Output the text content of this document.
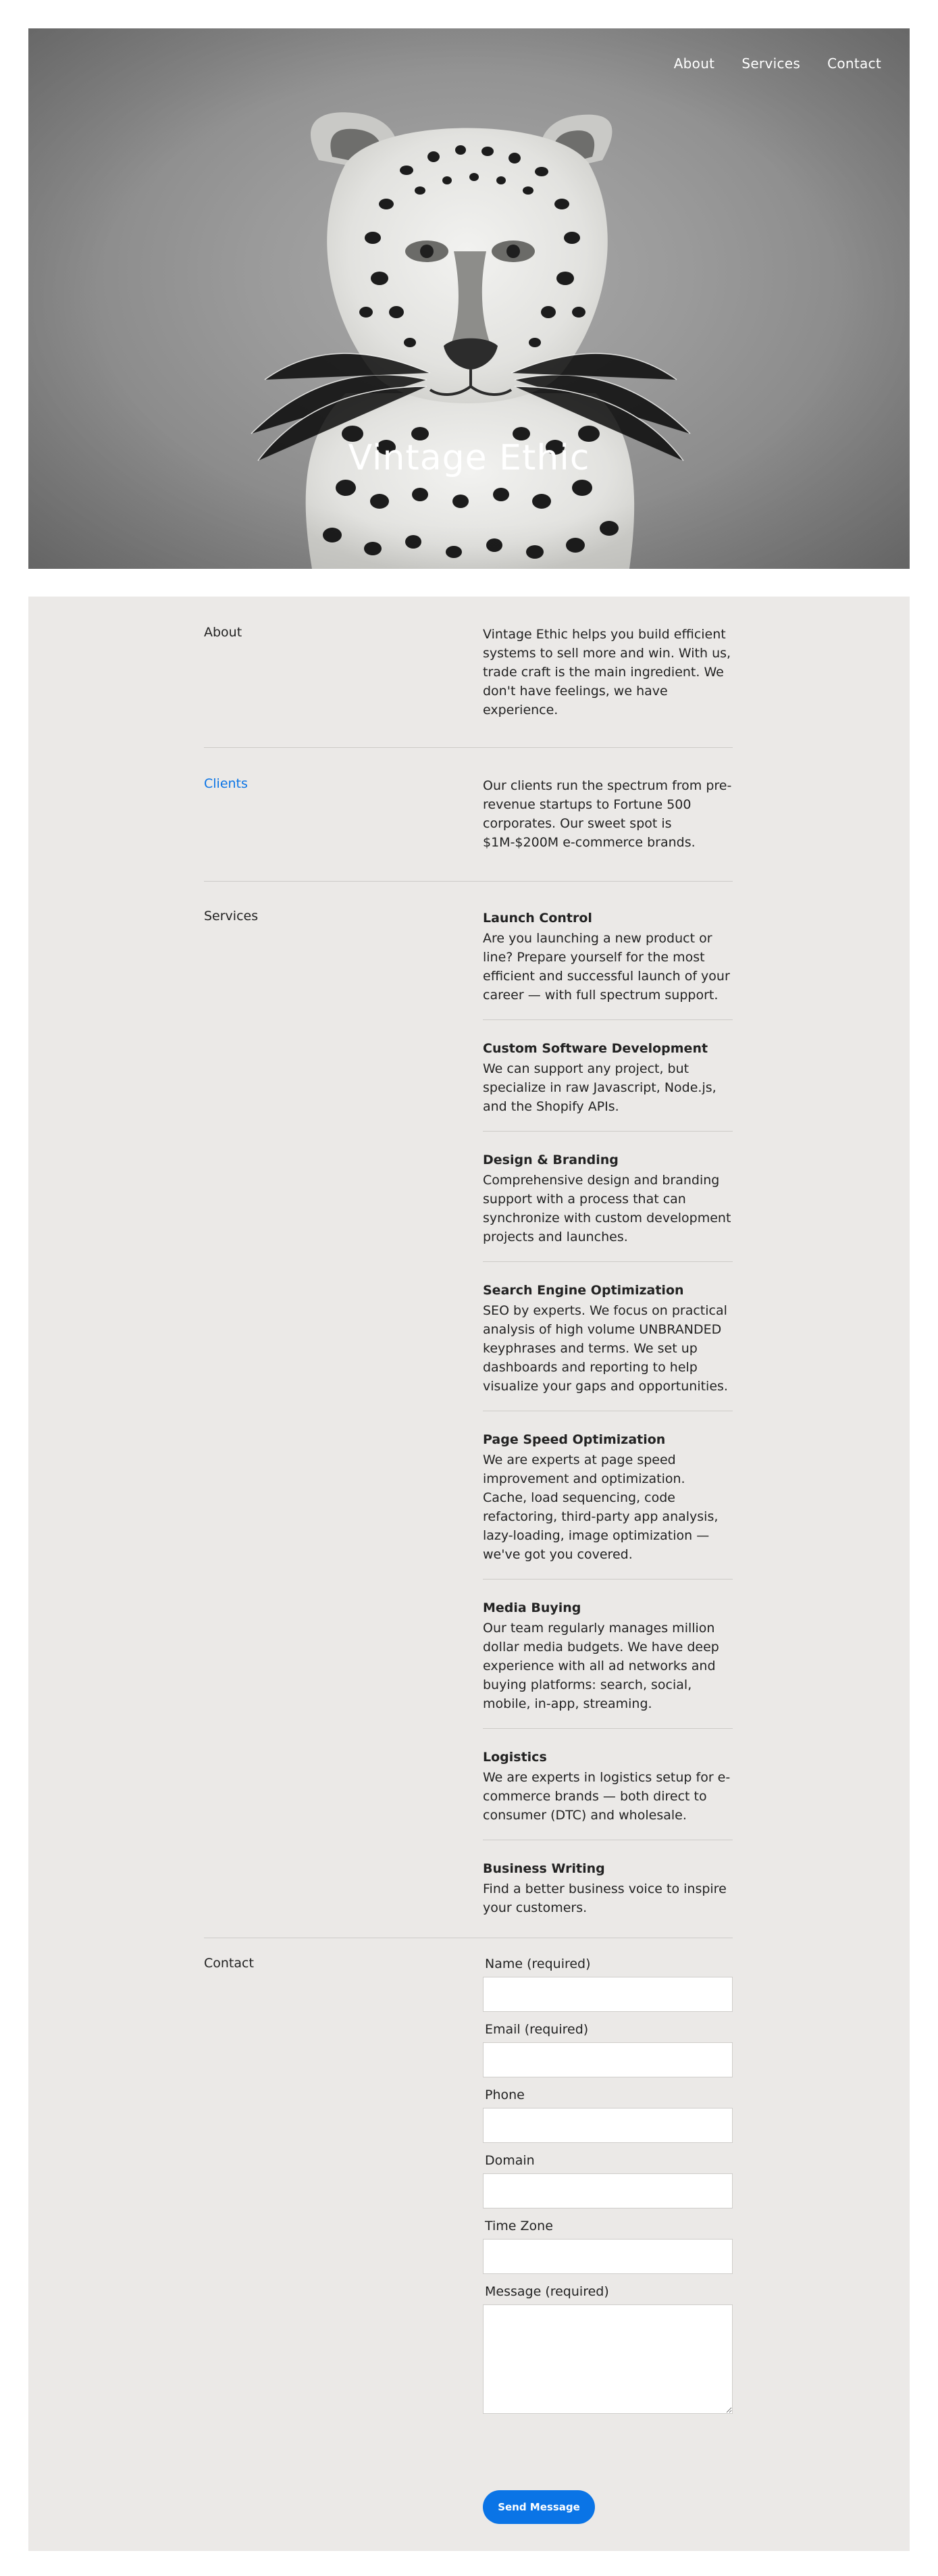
About Services Contact
Vintage Ethic
About	Vintage Ethic helps you build efficient systems to sell more and win. With us, trade craft is the main ingredient. We don't have feelings, we have experience.
Clients	Our clients run the spectrum from pre-revenue startups to Fortune 500 corporates. Our sweet spot is $1M-$200M e-commerce brands.
Services	Launch Control

Are you launching a new product or line? Prepare yourself for the most efficient and successful launch of your career — with full spectrum support.

Custom Software Development

We can support any project, but specialize in raw Javascript, Node.js, and the Shopify APIs.

Design & Branding

Comprehensive design and branding support with a process that can synchronize with custom development projects and launches.

Search Engine Optimization

SEO by experts. We focus on practical analysis of high volume UNBRANDED keyphrases and terms. We set up dashboards and reporting to help visualize your gaps and opportunities.

Page Speed Optimization

We are experts at page speed improvement and optimization. Cache, load sequencing, code refactoring, third-party app analysis, lazy-loading, image optimization — we've got you covered.

Media Buying

Our team regularly manages million dollar media budgets. We have deep experience with all ad networks and buying platforms: search, social, mobile, in-app, streaming.

Logistics

We are experts in logistics setup for e-commerce brands — both direct to consumer (DTC) and wholesale.

Business Writing

Find a better business voice to inspire your customers.

Contact	Name (required)
Email (required)
Phone
Domain
Time Zone
Message (required)
Send Message
